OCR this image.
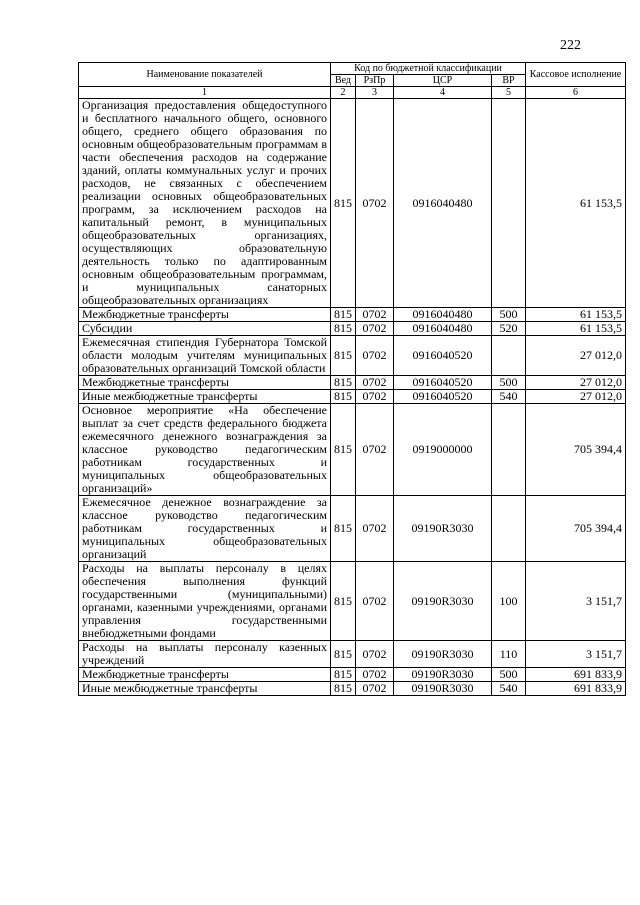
222
Наименование показателей	Код по бюджетной классификации				Кассовое исполнение
	Вед	РзПр	ЦСР	ВР	
1	2	3	4	5	6
Организация предоставления общедоступного и бесплатного начального общего, основного общего, среднего общего образования по основным общеобразовательным программам в части обеспечения расходов на содержание зданий, оплаты коммунальных услуг и прочих расходов, не связанных с обеспечением реализации основных общеобразовательных программ, за исключением расходов на капитальный ремонт, в муниципальных общеобразовательных организациях, осуществляющих образовательную деятельность только по адаптированным основным общеобразовательным программам, и муниципальных санаторных общеобразовательных организациях	815	0702	0916040480		61 153,5
Межбюджетные трансферты	815	0702	0916040480	500	61 153,5
Субсидии	815	0702	0916040480	520	61 153,5
Ежемесячная стипендия Губернатора Томской области молодым учителям муниципальных образовательных организаций Томской области	815	0702	0916040520		27 012,0
Межбюджетные трансферты	815	0702	0916040520	500	27 012,0
Иные межбюджетные трансферты	815	0702	0916040520	540	27 012,0
Основное мероприятие «На обеспечение выплат за счет средств федерального бюджета ежемесячного денежного вознаграждения за классное руководство педагогическим работникам государственных и муниципальных общеобразовательных организаций»	815	0702	0919000000		705 394,4
Ежемесячное денежное вознаграждение за классное руководство педагогическим работникам государственных и муниципальных общеобразовательных организаций	815	0702	09190R3030		705 394,4
Расходы на выплаты персоналу в целях обеспечения выполнения функций государственными (муниципальными) органами, казенными учреждениями, органами управления государственными внебюджетными фондами	815	0702	09190R3030	100	3 151,7
Расходы на выплаты персоналу казенных учреждений	815	0702	09190R3030	110	3 151,7
Межбюджетные трансферты	815	0702	09190R3030	500	691 833,9
Иные межбюджетные трансферты	815	0702	09190R3030	540	691 833,9
